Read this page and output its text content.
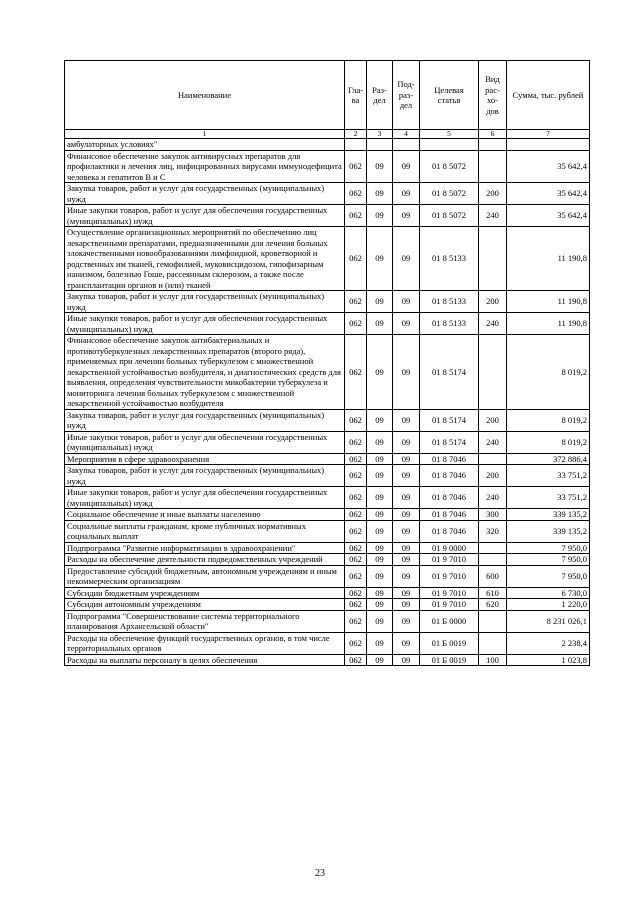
Наименование	Гла-ва	Раз-дел	Под-раз-дел	Целевая статья	Вид рас-хо-дов	Сумма, тыс. рублей
1	2	3	4	5	6	7
амбулаторных условиях"						
Финансовое обеспечение закупок антивирусных препаратов для профилактики и лечения лиц, инфицированных вирусами иммунодефицита человека и гепатитов В и С	062	09	09	01 8 5072		35 642,4
Закупка товаров, работ и услуг для государственных (муниципальных) нужд	062	09	09	01 8 5072	200	35 642,4
Иные закупки товаров, работ и услуг для обеспечения государственных (муниципальных) нужд	062	09	09	01 8 5072	240	35 642,4
Осуществление организационных мероприятий по обеспечению лиц лекарственными препаратами, предназначенными для лечения больных злокачественными новообразованиями лимфоидной, кроветворной и родственных им тканей, гемофилией, муковисцидозом, гипофизарным нанизмом, болезнью Гоше, рассеянным склерозом, а также после трансплантации органов и (или) тканей	062	09	09	01 8 5133		11 190,8
Закупка товаров, работ и услуг для государственных (муниципальных) нужд	062	09	09	01 8 5133	200	11 190,8
Иные закупки товаров, работ и услуг для обеспечения государственных (муниципальных) нужд	062	09	09	01 8 5133	240	11 190,8
Финансовое обеспечение закупок антибактериальных и противотуберкулезных лекарственных препаратов (второго ряда), применяемых при лечении больных туберкулезом с множественной лекарственной устойчивостью возбудителя, и диагностических средств для выявления, определения чувствительности микобактерии туберкулеза и мониторинга лечения больных туберкулезом с множественной лекарственной устойчивостью возбудителя	062	09	09	01 8 5174		8 019,2
Закупка товаров, работ и услуг для государственных (муниципальных) нужд	062	09	09	01 8 5174	200	8 019,2
Иные закупки товаров, работ и услуг для обеспечения государственных (муниципальных) нужд	062	09	09	01 8 5174	240	8 019,2
Мероприятия в сфере здравоохранения	062	09	09	01 8 7046		372 886,4
Закупка товаров, работ и услуг для государственных (муниципальных) нужд	062	09	09	01 8 7046	200	33 751,2
Иные закупки товаров, работ и услуг для обеспечения государственных (муниципальных) нужд	062	09	09	01 8 7046	240	33 751,2
Социальное обеспечение и иные выплаты населению	062	09	09	01 8 7046	300	339 135,2
Социальные выплаты гражданам, кроме публичных нормативных социальных выплат	062	09	09	01 8 7046	320	339 135,2
Подпрограмма "Развитие информатизации в здравоохранении"	062	09	09	01 9 0000		7 950,0
Расходы на обеспечение деятельности подведомственных учреждений	062	09	09	01 9 7010		7 950,0
Предоставление субсидий бюджетным, автономным учреждениям и иным некоммерческим организациям	062	09	09	01 9 7010	600	7 950,0
Субсидии бюджетным учреждениям	062	09	09	01 9 7010	610	6 730,0
Субсидии автономным учреждениям	062	09	09	01 9 7010	620	1 220,0
Подпрограмма "Совершенствование системы территориального планирования Архангельской области"	062	09	09	01 Б 0000		8 231 026,1
Расходы на обеспечение функций государственных органов, в том числе территориальных органов	062	09	09	01 Б 0019		2 238,4
Расходы на выплаты персоналу в целях обеспечения	062	09	09	01 Б 0019	100	1 023,8
23
